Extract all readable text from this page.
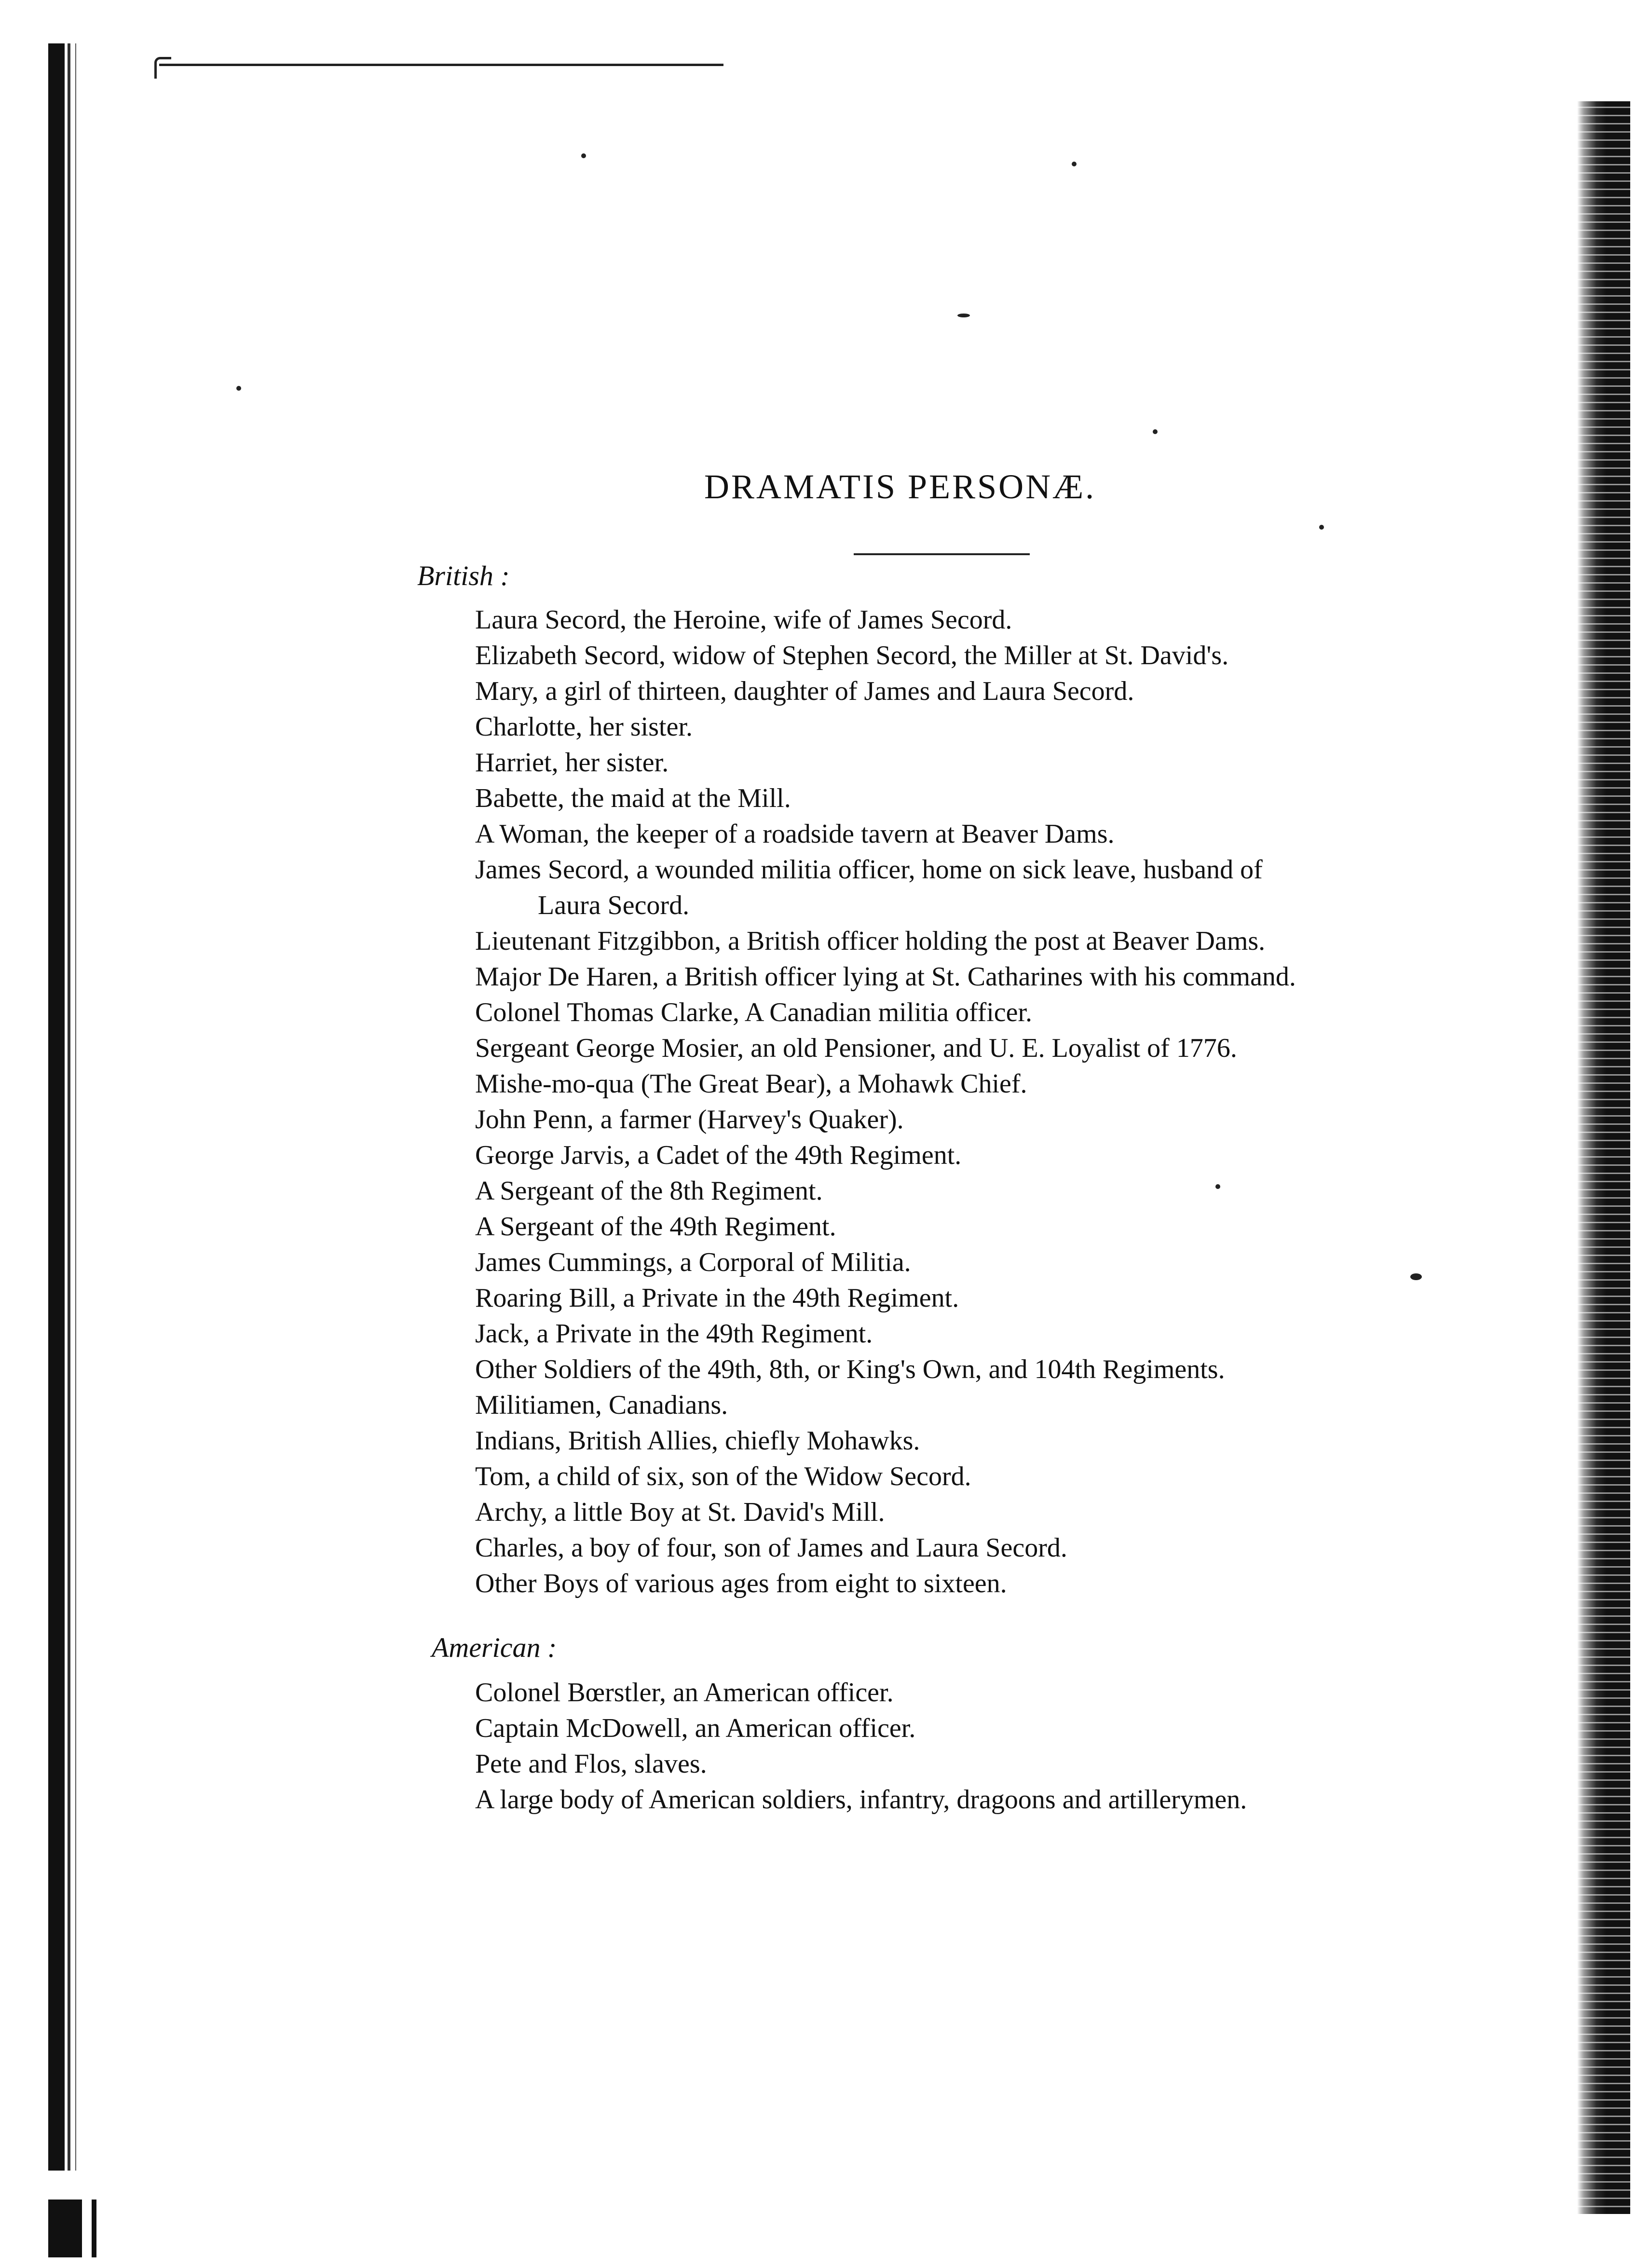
DRAMATIS PERSONÆ.
British :
Laura Secord, the Heroine, wife of James Secord.
Elizabeth Secord, widow of Stephen Secord, the Miller at St. David's.
Mary, a girl of thirteen, daughter of James and Laura Secord.
Charlotte, her sister.
Harriet, her sister.
Babette, the maid at the Mill.
A Woman, the keeper of a roadside tavern at Beaver Dams.
James Secord, a wounded militia officer, home on sick leave, husband of
Laura Secord.
Lieutenant Fitzgibbon, a British officer holding the post at Beaver Dams.
Major De Haren, a British officer lying at St. Catharines with his command.
Colonel Thomas Clarke, A Canadian militia officer.
Sergeant George Mosier, an old Pensioner, and U. E. Loyalist of 1776.
Mishe-mo-qua (The Great Bear), a Mohawk Chief.
John Penn, a farmer (Harvey's Quaker).
George Jarvis, a Cadet of the 49th Regiment.
A Sergeant of the 8th Regiment.
A Sergeant of the 49th Regiment.
James Cummings, a Corporal of Militia.
Roaring Bill, a Private in the 49th Regiment.
Jack, a Private in the 49th Regiment.
Other Soldiers of the 49th, 8th, or King's Own, and 104th Regiments.
Militiamen, Canadians.
Indians, British Allies, chiefly Mohawks.
Tom, a child of six, son of the Widow Secord.
Archy, a little Boy at St. David's Mill.
Charles, a boy of four, son of James and Laura Secord.
Other Boys of various ages from eight to sixteen.
American :
Colonel Bœrstler, an American officer.
Captain McDowell, an American officer.
Pete and Flos, slaves.
A large body of American soldiers, infantry, dragoons and artillerymen.
